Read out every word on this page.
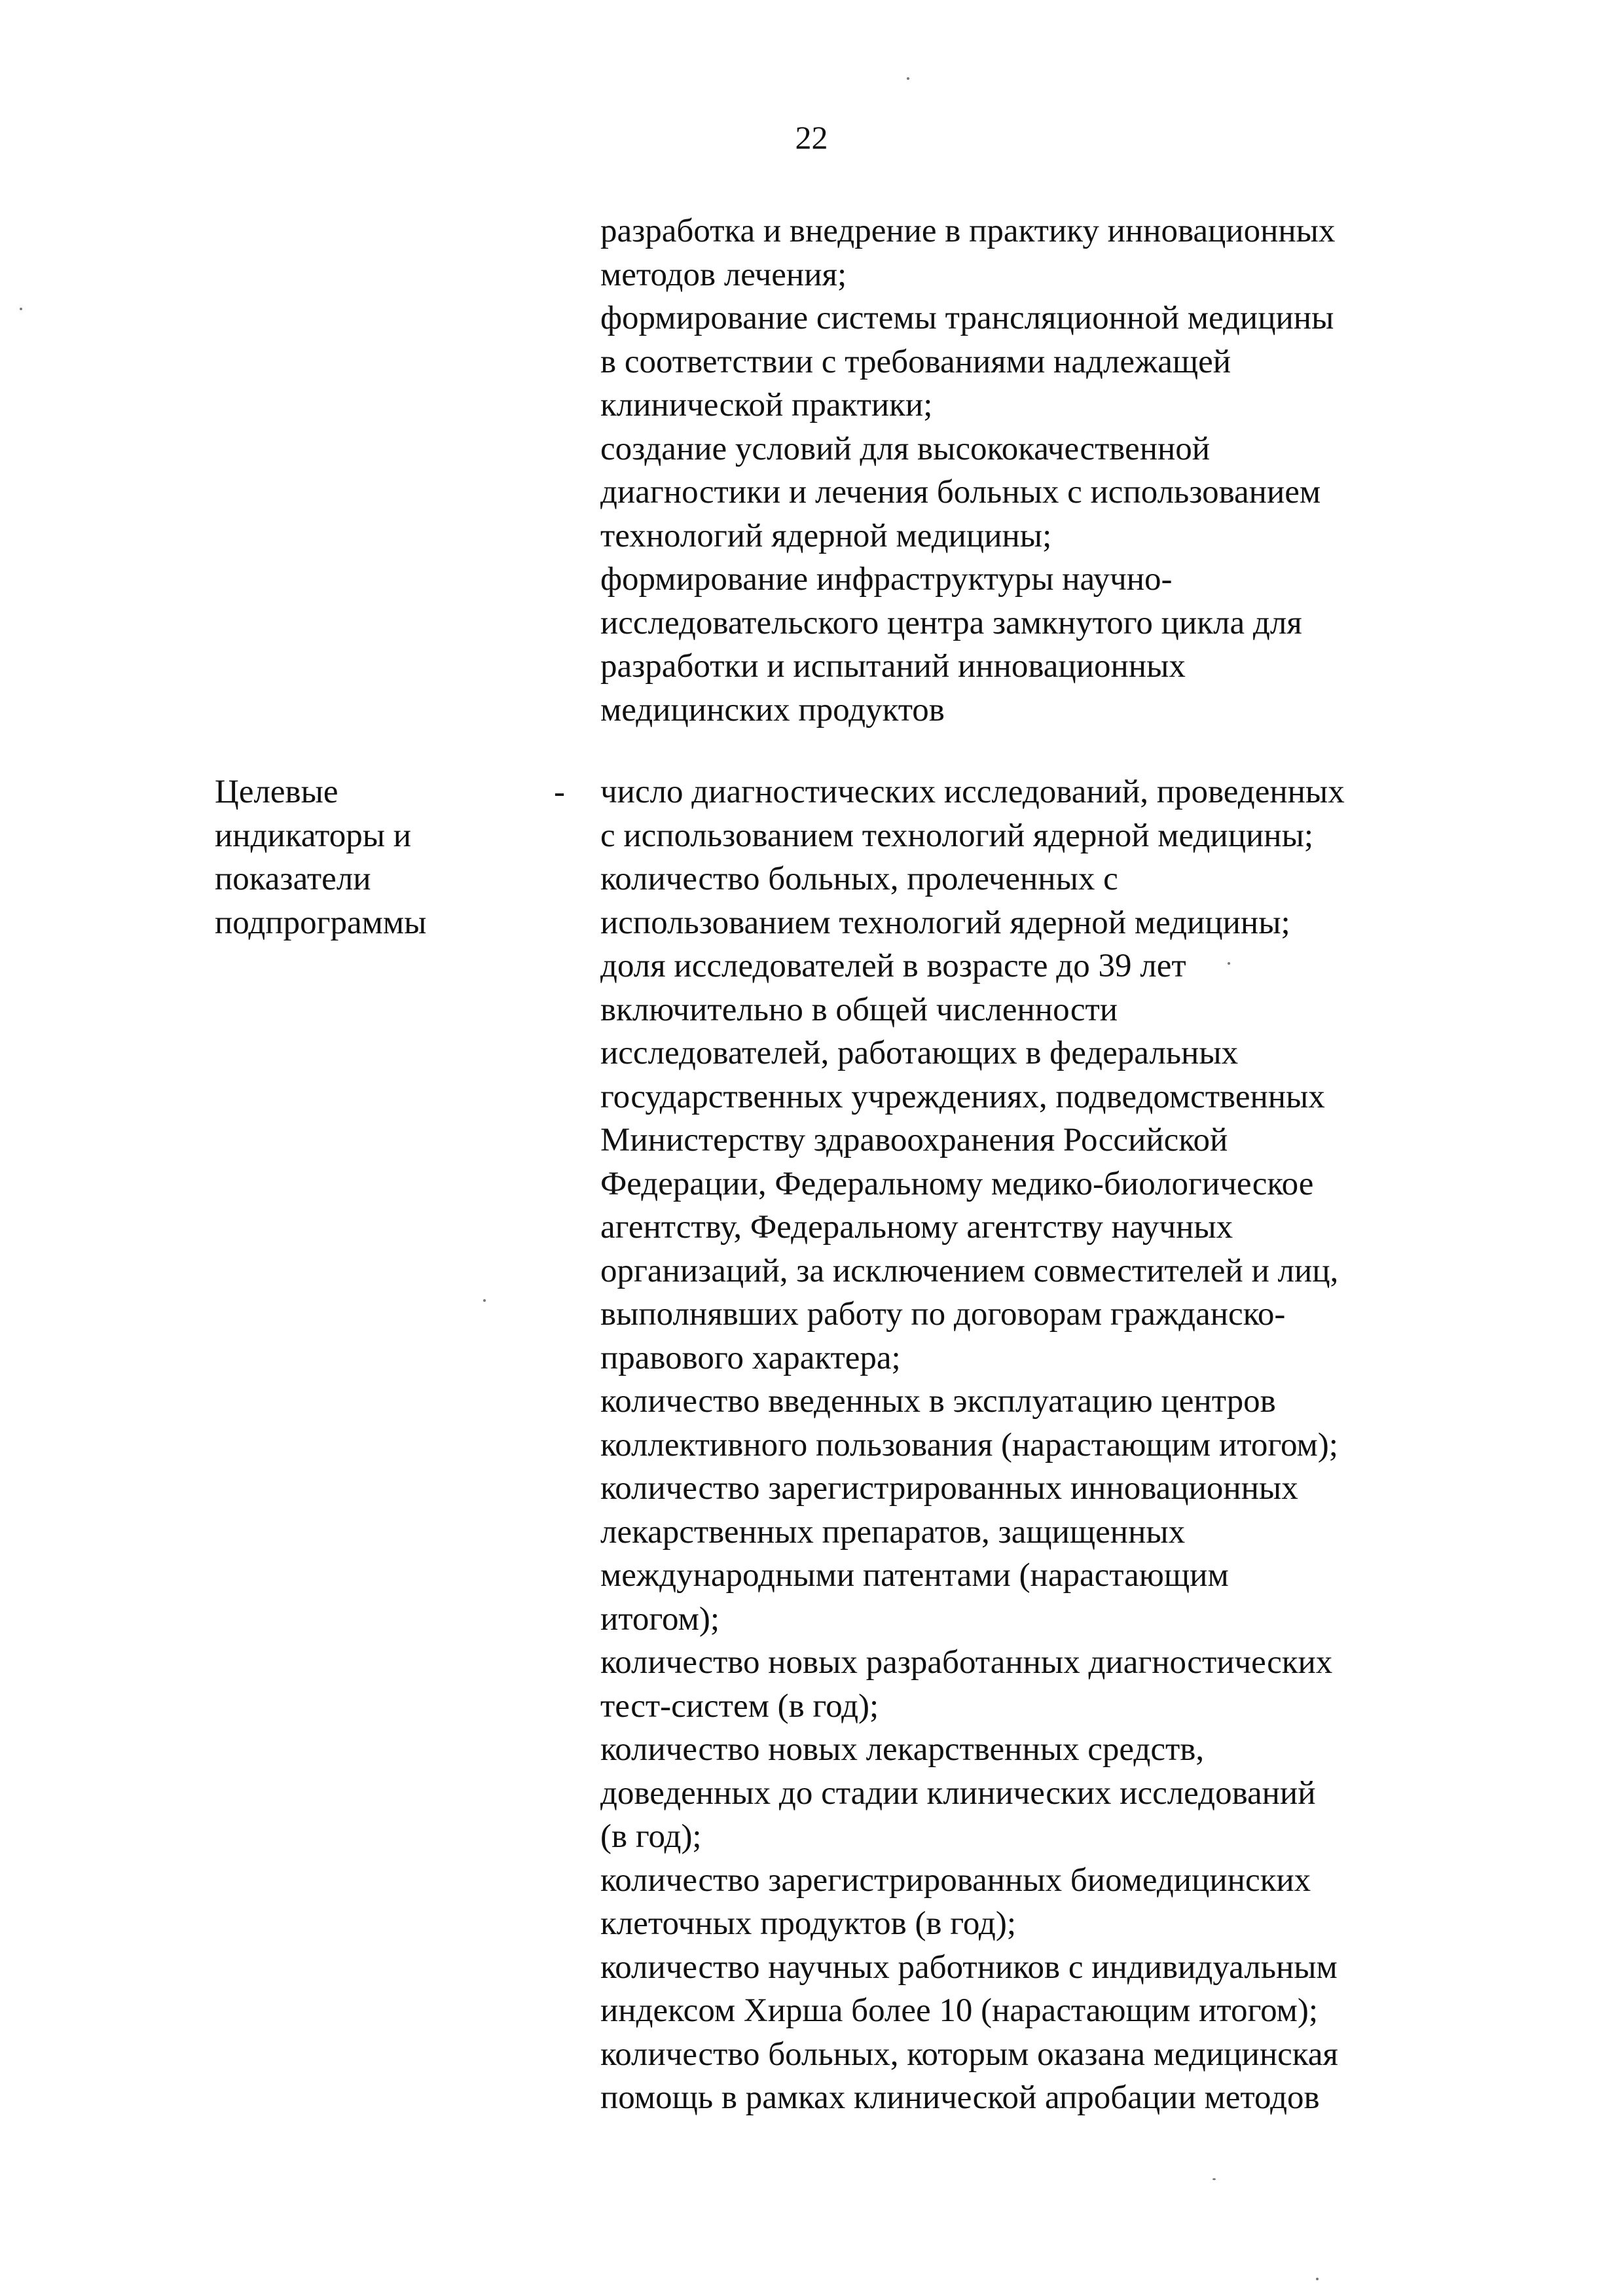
22
разработка и внедрение в практику инновационных
методов лечения;
формирование системы трансляционной медицины
в соответствии с требованиями надлежащей
клинической практики;
создание условий для высококачественной
диагностики и лечения больных с использованием
технологий ядерной медицины;
формирование инфраструктуры научно-
исследовательского центра замкнутого цикла для
разработки и испытаний инновационных
медицинских продуктов
Целевые
индикаторы и
показатели
подпрограммы
-	число диагностических исследований, проведенных
с использованием технологий ядерной медицины;
количество больных, пролеченных с
использованием технологий ядерной медицины;
доля исследователей в возрасте до 39 лет
включительно в общей численности
исследователей, работающих в федеральных
государственных учреждениях, подведомственных
Министерству здравоохранения Российской
Федерации, Федеральному медико-биологическое
агентству, Федеральному агентству научных
организаций, за исключением совместителей и лиц,
выполнявших работу по договорам гражданско-
правового характера;
количество введенных в эксплуатацию центров
коллективного пользования (нарастающим итогом);
количество зарегистрированных инновационных
лекарственных препаратов, защищенных
международными патентами (нарастающим
итогом);
количество новых разработанных диагностических
тест-систем (в год);
количество новых лекарственных средств,
доведенных до стадии клинических исследований
(в год);
количество зарегистрированных биомедицинских
клеточных продуктов (в год);
количество научных работников с индивидуальным
индексом Хирша более 10 (нарастающим итогом);
количество больных, которым оказана медицинская
помощь в рамках клинической апробации методов
